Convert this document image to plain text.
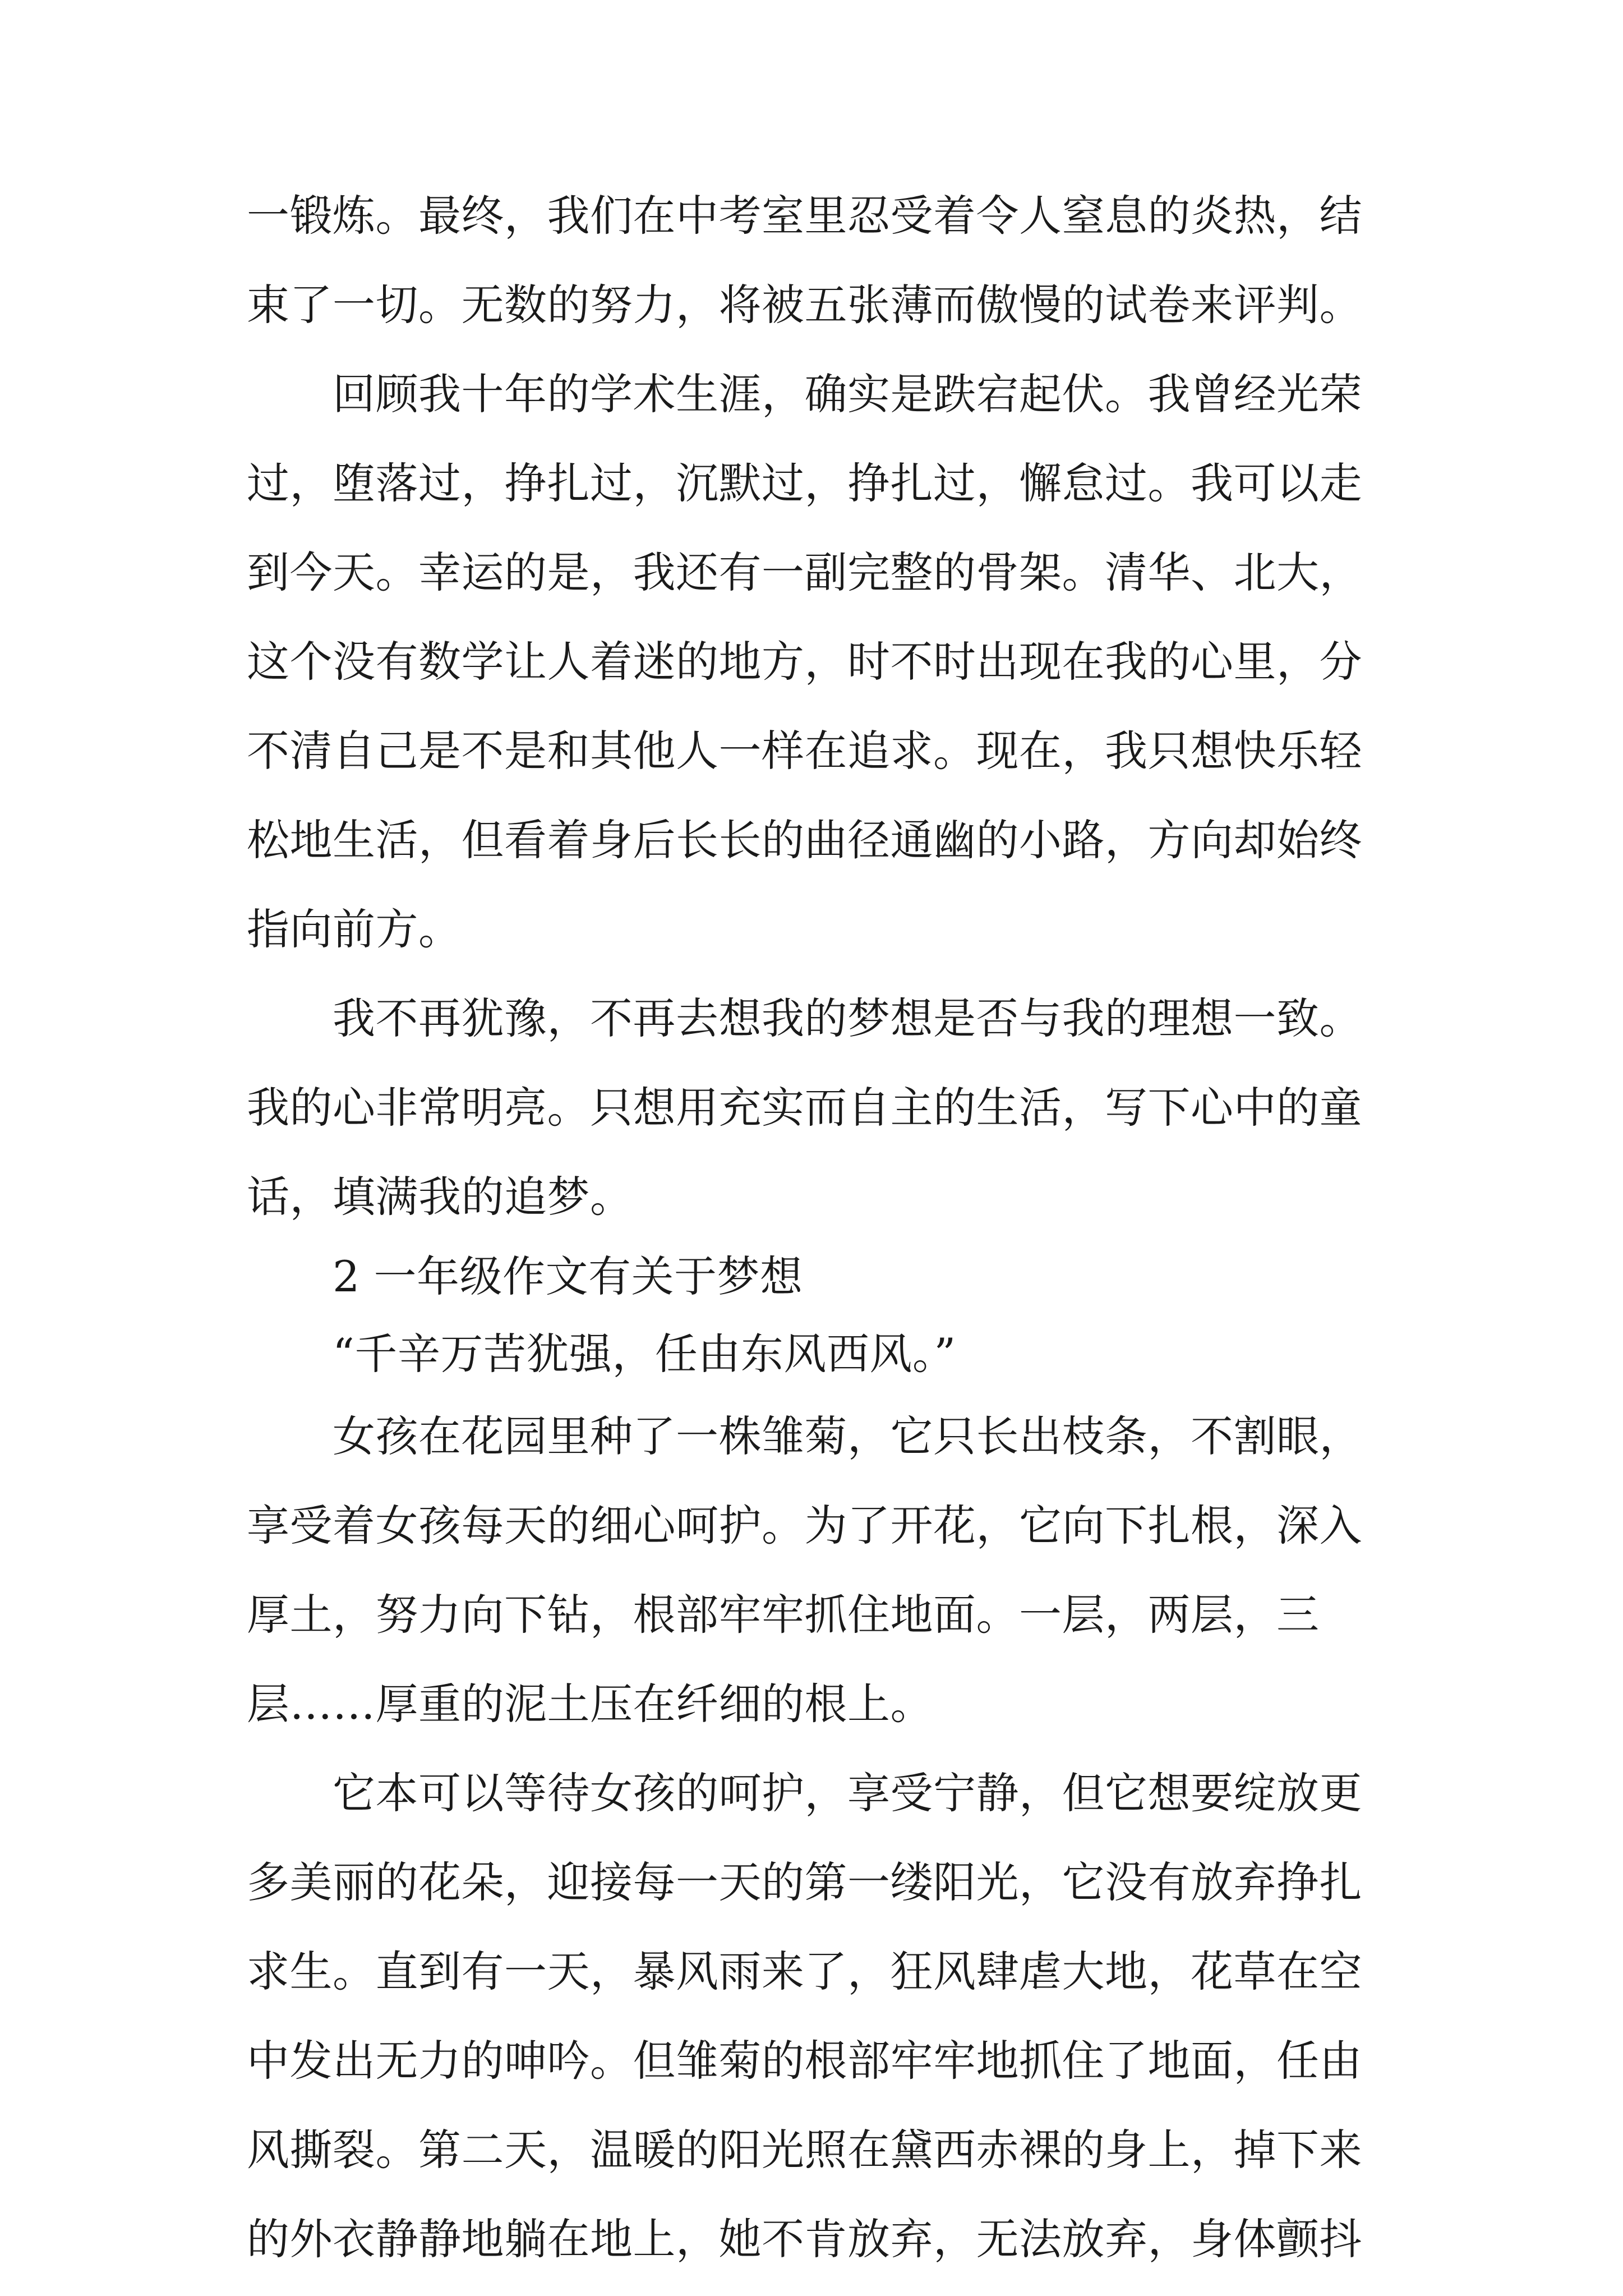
一锻炼。最终，我们在中考室里忍受着令人窒息的炎热，结
束了一切。无数的努力，将被五张薄而傲慢的试卷来评判。
　　回顾我十年的学术生涯，确实是跌宕起伏。我曾经光荣
过，堕落过，挣扎过，沉默过，挣扎过，懈怠过。我可以走
到今天。幸运的是，我还有一副完整的骨架。清华、北大，
这个没有数学让人着迷的地方，时不时出现在我的心里，分
不清自己是不是和其他人一样在追求。现在，我只想快乐轻
松地生活，但看着身后长长的曲径通幽的小路，方向却始终
指向前方。
　　我不再犹豫，不再去想我的梦想是否与我的理想一致。
我的心非常明亮。只想用充实而自主的生活，写下心中的童
话，填满我的追梦。
　　2 一年级作文有关于梦想
　　“千辛万苦犹强，任由东风西风。”
　　女孩在花园里种了一株雏菊，它只长出枝条，不割眼，
享受着女孩每天的细心呵护。为了开花，它向下扎根，深入
厚土，努力向下钻，根部牢牢抓住地面。一层，两层，三
层……厚重的泥土压在纤细的根上。
　　它本可以等待女孩的呵护，享受宁静，但它想要绽放更
多美丽的花朵，迎接每一天的第一缕阳光，它没有放弃挣扎
求生。直到有一天，暴风雨来了，狂风肆虐大地，花草在空
中发出无力的呻吟。但雏菊的根部牢牢地抓住了地面，任由
风撕裂。第二天，温暖的阳光照在黛西赤裸的身上，掉下来
的外衣静静地躺在地上，她不肯放弃，无法放弃，身体颤抖
